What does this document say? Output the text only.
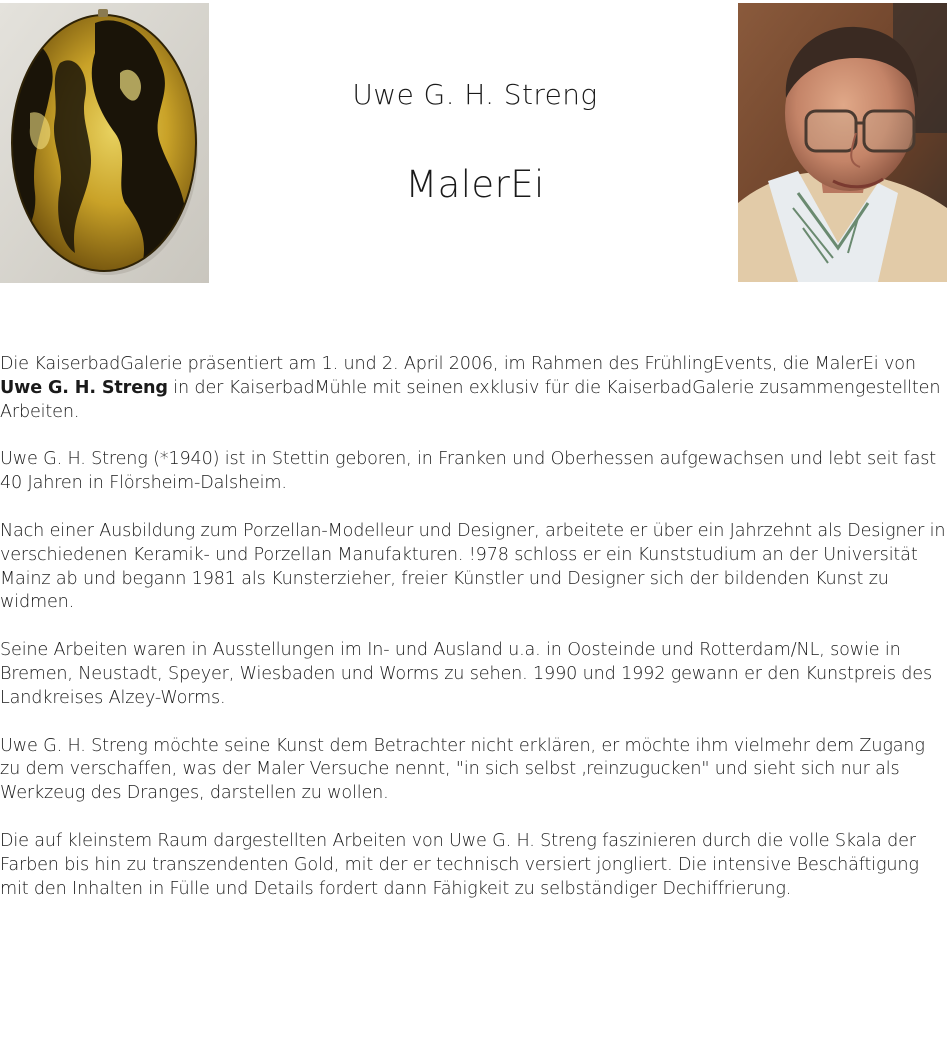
Uwe G. H. Streng
MalerEi

Die KaiserbadGalerie präsentiert am 1. und 2. April 2006, im Rahmen des FrühlingEvents, die MalerEi von Uwe G. H. Streng in der KaiserbadMühle mit seinen exklusiv für die KaiserbadGalerie zusammengestellten Arbeiten.

Uwe G. H. Streng (*1940) ist in Stettin geboren, in Franken und Oberhessen aufgewachsen und lebt seit fast 40 Jahren in Flörsheim-Dalsheim.

Nach einer Ausbildung zum Porzellan-Modelleur und Designer, arbeitete er über ein Jahrzehnt als Designer in verschiedenen Keramik- und Porzellan Manufakturen. !978 schloss er ein Kunststudium an der Universität Mainz ab und begann 1981 als Kunsterzieher, freier Künstler und Designer sich der bildenden Kunst zu widmen.

Seine Arbeiten waren in Ausstellungen im In- und Ausland u.a. in Oosteinde und Rotterdam/NL, sowie in Bremen, Neustadt, Speyer, Wiesbaden und Worms zu sehen. 1990 und 1992 gewann er den Kunstpreis des Landkreises Alzey-Worms.

Uwe G. H. Streng möchte seine Kunst dem Betrachter nicht erklären, er möchte ihm vielmehr dem Zugang zu dem verschaffen, was der Maler Versuche nennt, "in sich selbst ‚reinzugucken" und sieht sich nur als Werkzeug des Dranges, darstellen zu wollen.

Die auf kleinstem Raum dargestellten Arbeiten von Uwe G. H. Streng faszinieren durch die volle Skala der Farben bis hin zu transzendenten Gold, mit der er technisch versiert jongliert. Die intensive Beschäftigung mit den Inhalten in Fülle und Details fordert dann Fähigkeit zu selbständiger Dechiffrierung.
